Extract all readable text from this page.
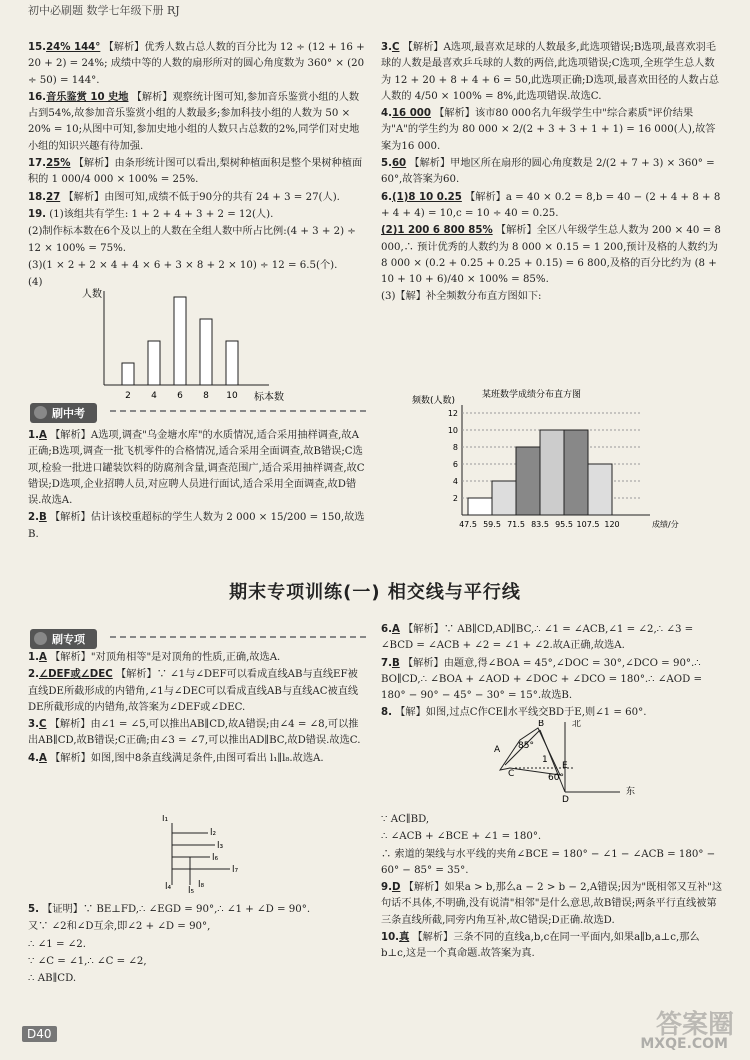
初中必刷题 数学七年级下册 RJ

15.24% 144° 【解析】优秀人数占总人数的百分比为 12 ÷ (12 + 16 + 20 + 2) = 24%; 成绩中等的人数的扇形所对的圆心角度数为 360° × (20 ÷ 50) = 144°.

16.音乐鉴赏 10 史地 【解析】观察统计图可知,参加音乐鉴赏小组的人数占到54%,故参加音乐鉴赏小组的人数最多;参加科技小组的人数为 50 × 20% = 10;从图中可知,参加史地小组的人数只占总数的2%,同学们对史地小组的知识兴趣有待加强.

17.25% 【解析】由条形统计图可以看出,梨树种植面积是整个果树种植面积的 1 000/4 000 × 100% = 25%.

18.27 【解析】由图可知,成绩不低于90分的共有 24 + 3 = 27(人).

19. (1)该组共有学生: 1 + 2 + 4 + 3 + 2 = 12(人).

(2)制作标本数在6个及以上的人数在全组人数中所占比例:(4 + 3 + 2) ÷ 12 × 100% = 75%.

(3)(1 × 2 + 2 × 4 + 4 × 6 + 3 × 8 + 2 × 10) ÷ 12 = 6.5(个).

(4)

人数
标本数
2 4 6 8 10
刷中考

1.A 【解析】A选项,调查"乌金塘水库"的水质情况,适合采用抽样调查,故A正确;B选项,调查一批飞机零件的合格情况,适合采用全面调查,故B错误;C选项,检验一批进口罐装饮料的防腐剂含量,调查范围广,适合采用抽样调查,故C错误;D选项,企业招聘人员,对应聘人员进行面试,适合采用全面调查,故D错误.故选A.

2.B 【解析】估计该校重超标的学生人数为 2 000 × 15/200 = 150,故选B.

3.C 【解析】A选项,最喜欢足球的人数最多,此选项错误;B选项,最喜欢羽毛球的人数是最喜欢乒乓球的人数的两倍,此选项错误;C选项,全班学生总人数为 12 + 20 + 8 + 4 + 6 = 50,此选项正确;D选项,最喜欢田径的人数占总人数的 4/50 × 100% = 8%,此选项错误.故选C.

4.16 000 【解析】该市80 000名九年级学生中"综合素质"评价结果为"A"的学生约为 80 000 × 2/(2 + 3 + 3 + 1 + 1) = 16 000(人),故答案为16 000.

5.60 【解析】甲地区所在扇形的圆心角度数是 2/(2 + 7 + 3) × 360° = 60°,故答案为60.

6.(1)8 10 0.25 【解析】a = 40 × 0.2 = 8,b = 40 − (2 + 4 + 8 + 8 + 4 + 4) = 10,c = 10 ÷ 40 = 0.25.

(2)1 200 6 800 85% 【解析】全区八年级学生总人数为 200 × 40 = 8 000,∴ 预计优秀的人数约为 8 000 × 0.15 = 1 200,预计及格的人数约为 8 000 × (0.2 + 0.25 + 0.25 + 0.15) = 6 800,及格的百分比约为 (8 + 10 + 10 + 6)/40 × 100% = 85%.

(3)【解】补全频数分布直方图如下:

某班数学成绩分布直方图
频数(人数)
2
4
6
8
10
12
47.5 59.5 71.5 83.5 95.5 107.5 120	成绩/分
期末专项训练(一) 相交线与平行线
刷专项

1.A 【解析】"对顶角相等"是对顶角的性质,正确,故选A.

2.∠DEF或∠DEC 【解析】∵ ∠1与∠DEF可以看成直线AB与直线EF被直线DE所截形成的内错角,∠1与∠DEC可以看成直线AB与直线AC被直线DE所截形成的内错角,故答案为∠DEF或∠DEC.

3.C 【解析】由∠1 = ∠5,可以推出AB∥CD,故A错误;由∠4 = ∠8,可以推出AB∥CD,故B错误;C正确;由∠3 = ∠7,可以推出AD∥BC,故D错误.故选C.

4.A 【解析】如图,图中8条直线满足条件,由图可看出 l₁∥l₈.故选A.

l₁
l₂
l₃
l₄ l₅
l₆
l₇
l₈

5. 【证明】∵ BE⊥FD,∴ ∠EGD = 90°,∴ ∠1 + ∠D = 90°.

又∵ ∠2和∠D互余,即∠2 + ∠D = 90°,

∴ ∠1 = ∠2.

∵ ∠C = ∠1,∴ ∠C = ∠2,

∴ AB∥CD.

6.A 【解析】∵ AB∥CD,AD∥BC,∴ ∠1 = ∠ACB,∠1 = ∠2,∴ ∠3 = ∠BCD = ∠ACB + ∠2 = ∠1 + ∠2.故A正确,故选A.

7.B 【解析】由题意,得∠BOA = 45°,∠DOC = 30°,∠DCO = 90°.∴ BO∥CD,∴ ∠BOA + ∠AOD + ∠DOC + ∠DCO = 180°.∴ ∠AOD = 180° − 90° − 45° − 30° = 15°.故选B.

8. 【解】如图,过点C作CE∥水平线交BD于E,则∠1 = 60°.

A
B
C
E
D
1
85°
60°
北
东

∵ AC∥BD,

∴ ∠ACB + ∠BCE + ∠1 = 180°.

∴ 索道的架线与水平线的夹角∠BCE = 180° − ∠1 − ∠ACB = 180° − 60° − 85° = 35°.

9.D 【解析】如果a > b,那么a − 2 > b − 2,A错误;因为"既相邻又互补"这句话不具体,不明确,没有说清"相邻"是什么意思,故B错误;两条平行直线被第三条直线所截,同旁内角互补,故C错误;D正确.故选D.

10.真 【解析】三条不同的直线a,b,c在同一平面内,如果a∥b,a⊥c,那么b⊥c,这是一个真命题.故答案为真.

D40	答案圈
MXQE.COM
